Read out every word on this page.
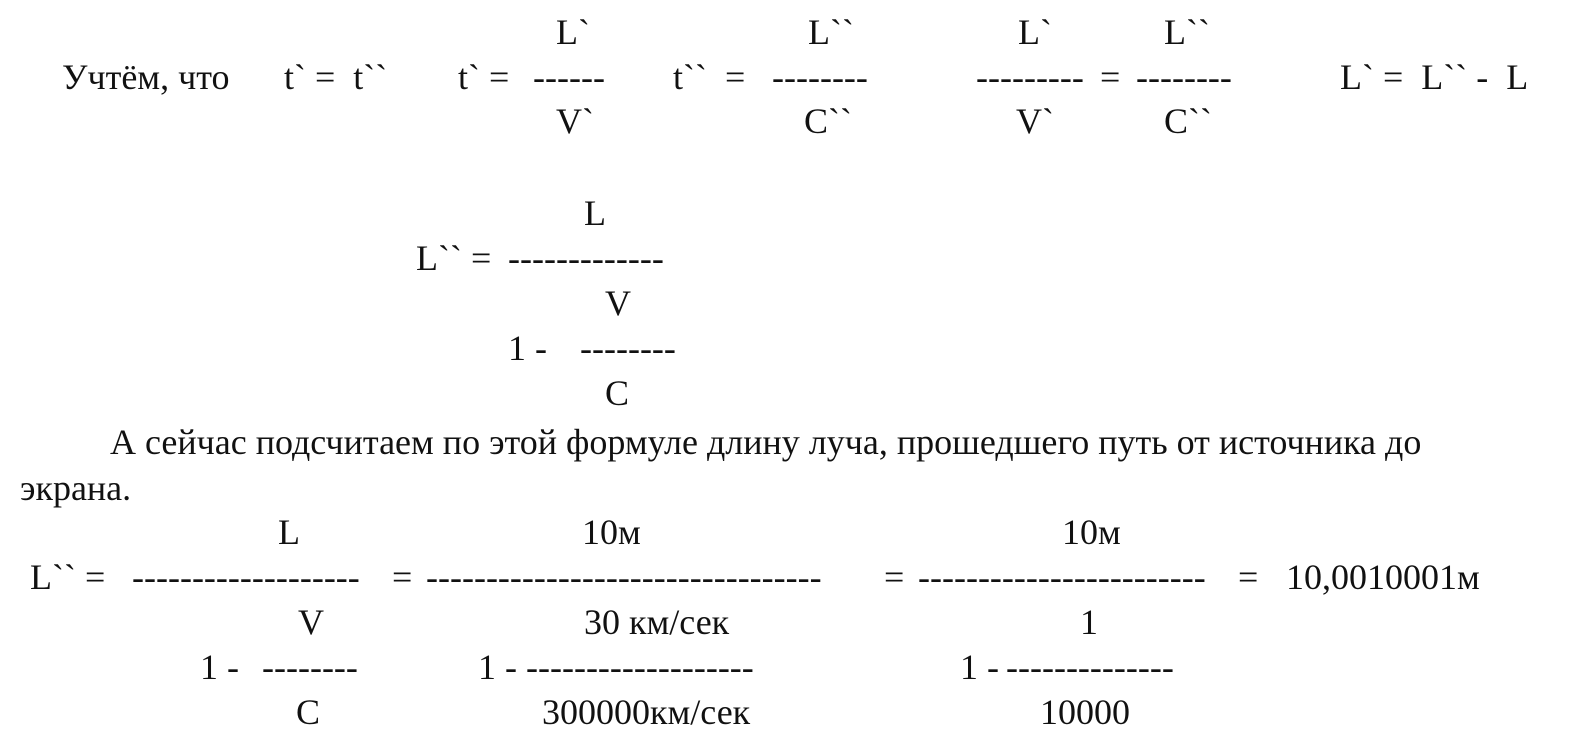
Учтём, что t` =  t``
L`
t` = ------
V`
L``
t``  = --------
C``
L`
---------
V`
=
L``
--------
C``
L` =  L`` -  L
L
L`` = -------------
V
1 - --------
C
А сейчас подсчитаем по этой формуле длину луча, прошедшего путь от источника до
экрана.
L`` =
L
-------------------
V
1 - --------
C
=
10м
---------------------------------
30 км/сек
1 - -------------------
300000км/сек
=
10м
------------------------
1
1 - --------------
10000
= 10,0010001м
